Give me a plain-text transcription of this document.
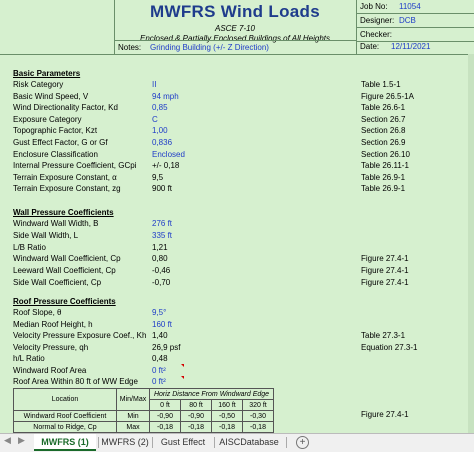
MWFRS Wind Loads
ASCE 7-10
Enclosed & Partially Enclosed Buildings of All Heights
Notes: Grinding Building (+/- Z Direction)
Job No: 11054
Designer: DCB
Checker:
Date: 12/11/2021
Basic Parameters
Risk Category	II	Table 1.5-1
Basic Wind Speed, V	94 mph	Figure 26.5-1A
Wind Directionality Factor, Kd	0,85	Table 26.6-1
Exposure Category	C	Section 26.7
Topographic Factor, Kzt	1,00	Section 26.8
Gust Effect Factor, G or Gf	0,836	Section 26.9
Enclosure Classification	Enclosed	Section 26.10
Internal Pressure Coefficient, GCpi +/- 0,18	Table 26.11-1
Terrain Exposure Constant, α	9,5	Table 26.9-1
Terrain Exposure Constant, zg	900 ft	Table 26.9-1
Wall Pressure Coefficients
Windward Wall Width, B	276 ft
Side Wall Width, L	335 ft
L/B Ratio	1,21
Windward Wall Coefficient, Cp	0,80	Figure 27.4-1
Leeward Wall Coefficient, Cp	-0,46	Figure 27.4-1
Side Wall Coefficient, Cp	-0,70	Figure 27.4-1
Roof Pressure Coefficients
Roof Slope, θ	9,5°
Median Roof Height, h	160 ft
Velocity Pressure Exposure Coef., Kh 1,40	Table 27.3-1
Velocity Pressure, qh	26,9 psf	Equation 27.3-1
h/L Ratio	0,48
Windward Roof Area	0 ft²
Roof Area Within 80 ft of WW Edge 0 ft²
Location	Min/Max	Horiz Distance From Windward Edge			
		0 ft	80 ft	160 ft	320 ft
Windward Roof Coefficient	Min	-0,90	-0,90	-0,50	-0,30
Normal to Ridge, Cp	Max	-0,18	-0,18	-0,18	-0,18
Figure 27.4-1
◀ ▶	MWFRS (1)	MWFRS (2)	Gust Effect	AISCDatabase	+
